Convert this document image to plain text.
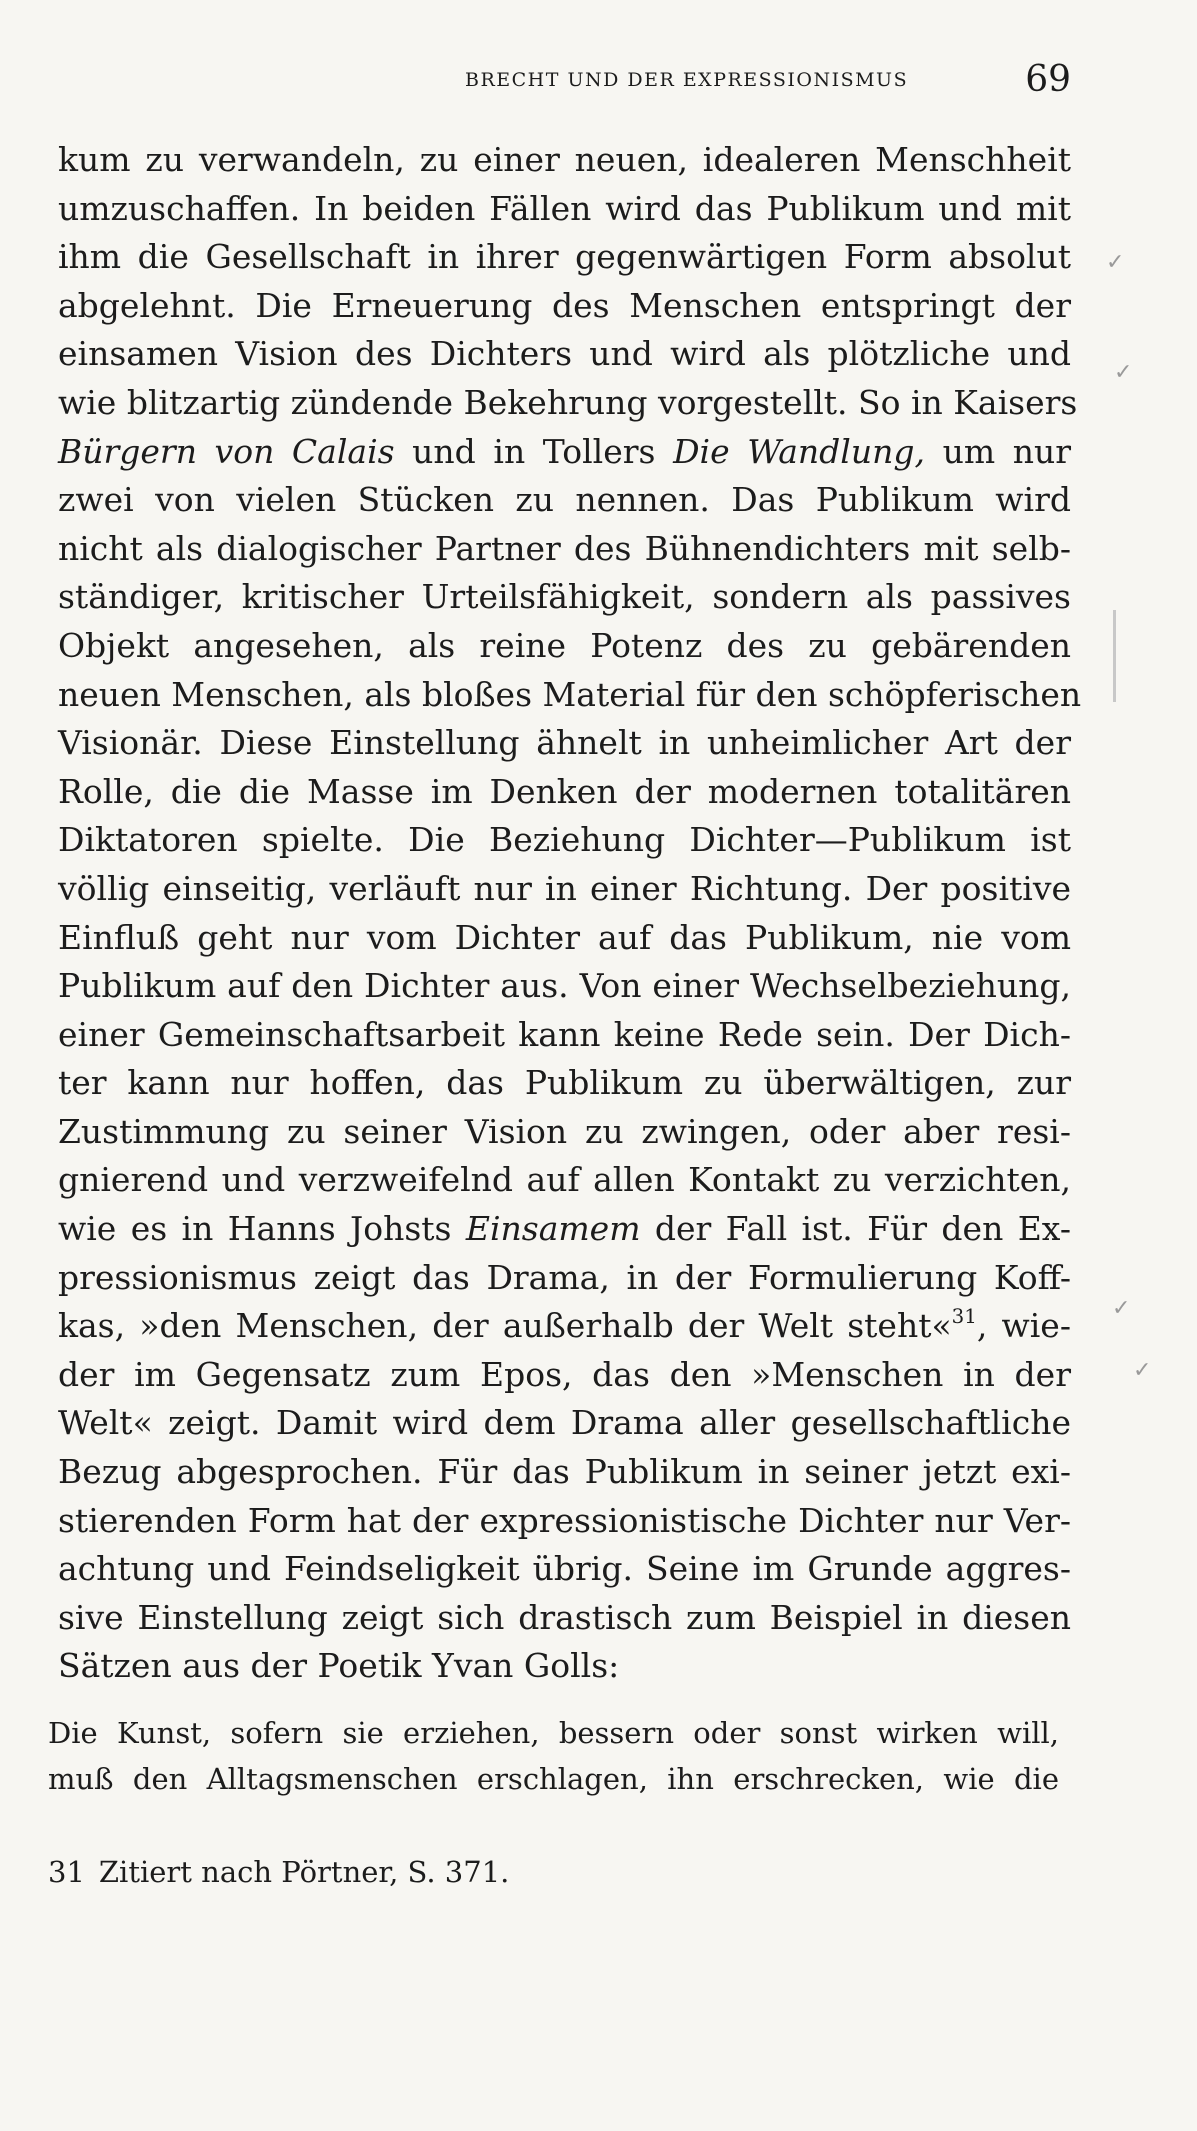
BRECHT UND DER EXPRESSIONISMUS	69
kum zu verwandeln, zu einer neuen, idealeren Menschheit
umzuschaffen. In beiden Fällen wird das Publikum und mit
ihm die Gesellschaft in ihrer gegenwärtigen Form absolut
abgelehnt. Die Erneuerung des Menschen entspringt der
einsamen Vision des Dichters und wird als plötzliche und
wie blitzartig zündende Bekehrung vorgestellt. So in Kaisers
Bürgern von Calais und in Tollers Die Wandlung, um nur
zwei von vielen Stücken zu nennen. Das Publikum wird
nicht als dialogischer Partner des Bühnendichters mit selb-
ständiger, kritischer Urteilsfähigkeit, sondern als passives
Objekt angesehen, als reine Potenz des zu gebärenden
neuen Menschen, als bloßes Material für den schöpferischen
Visionär. Diese Einstellung ähnelt in unheimlicher Art der
Rolle, die die Masse im Denken der modernen totalitären
Diktatoren spielte. Die Beziehung Dichter—Publikum ist
völlig einseitig, verläuft nur in einer Richtung. Der positive
Einfluß geht nur vom Dichter auf das Publikum, nie vom
Publikum auf den Dichter aus. Von einer Wechselbeziehung,
einer Gemeinschaftsarbeit kann keine Rede sein. Der Dich-
ter kann nur hoffen, das Publikum zu überwältigen, zur
Zustimmung zu seiner Vision zu zwingen, oder aber resi-
gnierend und verzweifelnd auf allen Kontakt zu verzichten,
wie es in Hanns Johsts Einsamem der Fall ist. Für den Ex-
pressionismus zeigt das Drama, in der Formulierung Koff-
kas, »den Menschen, der außerhalb der Welt steht«$^{31}$, wie-
der im Gegensatz zum Epos, das den »Menschen in der
Welt« zeigt. Damit wird dem Drama aller gesellschaftliche
Bezug abgesprochen. Für das Publikum in seiner jetzt exi-
stierenden Form hat der expressionistische Dichter nur Ver-
achtung und Feindseligkeit übrig. Seine im Grunde aggres-
sive Einstellung zeigt sich drastisch zum Beispiel in diesen
Sätzen aus der Poetik Yvan Golls:
Die Kunst, sofern sie erziehen, bessern oder sonst wirken will,
muß den Alltagsmenschen erschlagen, ihn erschrecken, wie die
31 Zitiert nach Pörtner, S. 371.
✓
✓
✓
✓
